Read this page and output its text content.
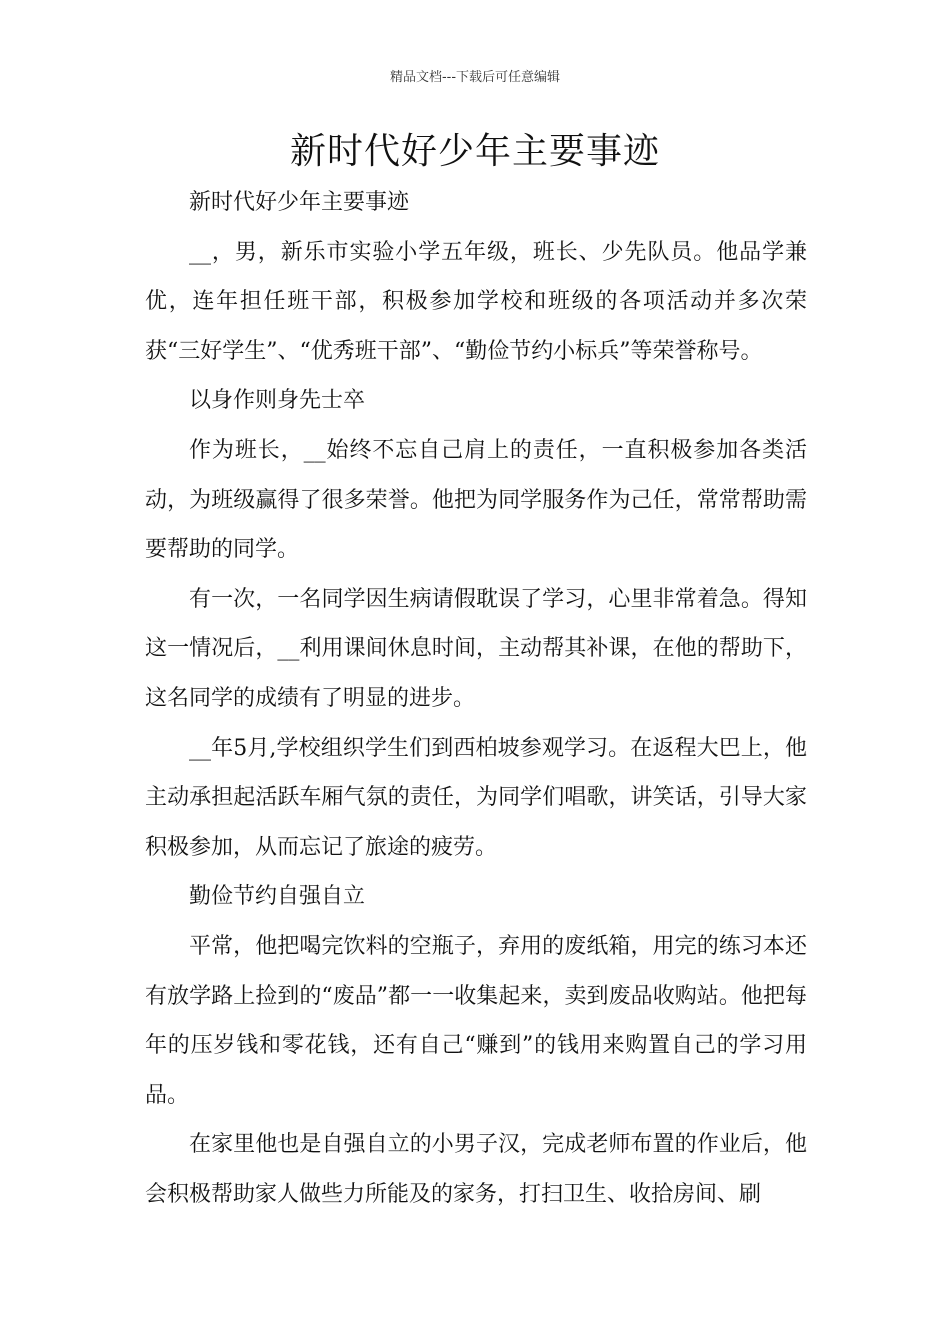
精品文档---下载后可任意编辑
新时代好少年主要事迹

新时代好少年主要事迹

__，男，新乐市实验小学五年级，班长、少先队员。他品学兼优，连年担任班干部，积极参加学校和班级的各项活动并多次荣获“三好学生”、“优秀班干部”、“勤俭节约小标兵”等荣誉称号。

以身作则身先士卒

作为班长，__始终不忘自己肩上的责任，一直积极参加各类活动，为班级赢得了很多荣誉。他把为同学服务作为己任，常常帮助需要帮助的同学。

有一次，一名同学因生病请假耽误了学习，心里非常着急。得知这一情况后，__利用课间休息时间，主动帮其补课，在他的帮助下，这名同学的成绩有了明显的进步。

__年5月,学校组织学生们到西柏坡参观学习。在返程大巴上，他主动承担起活跃车厢气氛的责任，为同学们唱歌，讲笑话，引导大家积极参加，从而忘记了旅途的疲劳。

勤俭节约自强自立

平常，他把喝完饮料的空瓶子，弃用的废纸箱，用完的练习本还有放学路上捡到的“废品”都一一收集起来，卖到废品收购站。他把每年的压岁钱和零花钱，还有自己“赚到”的钱用来购置自己的学习用品。

在家里他也是自强自立的小男子汉，完成老师布置的作业后，他会积极帮助家人做些力所能及的家务，打扫卫生、收拾房间、刷
